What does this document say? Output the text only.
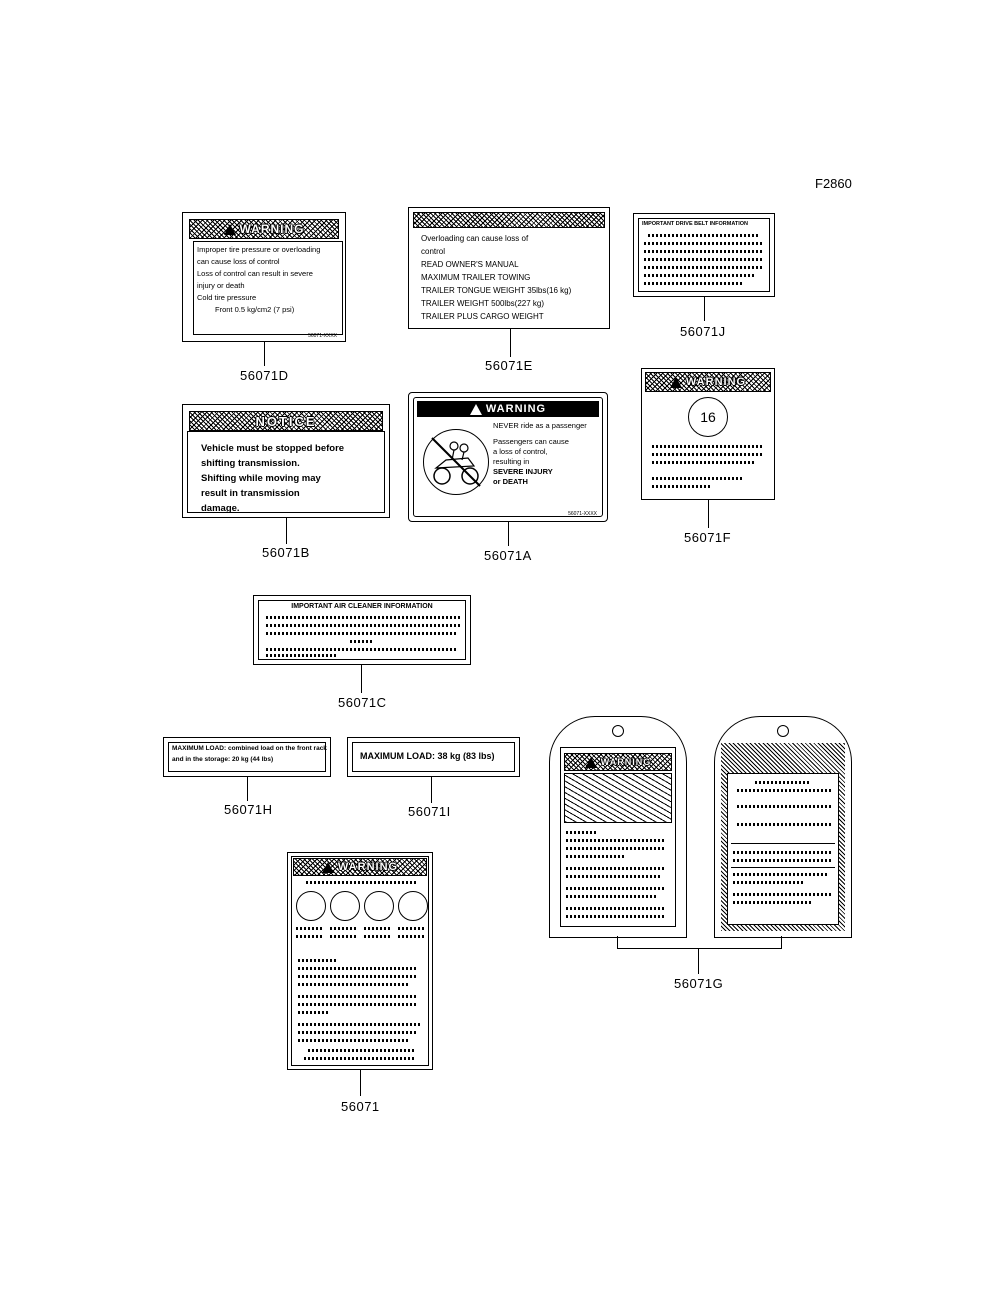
F2860
WARNING
Improper tire pressure or overloading
can cause loss of control
Loss of control can result in severe
injury or death
Cold tire pressure
Front 0.5 kg/cm2 (7 psi)
56071-XXXX
56071D
Overloading can cause loss of
control
READ OWNER'S MANUAL
MAXIMUM TRAILER TOWING
TRAILER TONGUE WEIGHT 35lbs(16 kg)
TRAILER WEIGHT 500lbs(227 kg)
TRAILER PLUS CARGO WEIGHT
56071E
IMPORTANT DRIVE BELT INFORMATION
56071J
NOTICE
Vehicle must be stopped before
shifting transmission.
Shifting while moving may
result in transmission
damage.
56071B
WARNING
NEVER ride as a passenger
Passengers can cause
a loss of control,
resulting in
SEVERE INJURY
or DEATH
56071-XXXX
56071A
WARNING
16
56071F
IMPORTANT AIR CLEANER INFORMATION
56071C
MAXIMUM LOAD: combined load on the front rack
and in the storage: 20 kg (44 lbs)
56071H
MAXIMUM LOAD: 38 kg (83 lbs)
56071I
WARNING
56071
WARNING
56071G
